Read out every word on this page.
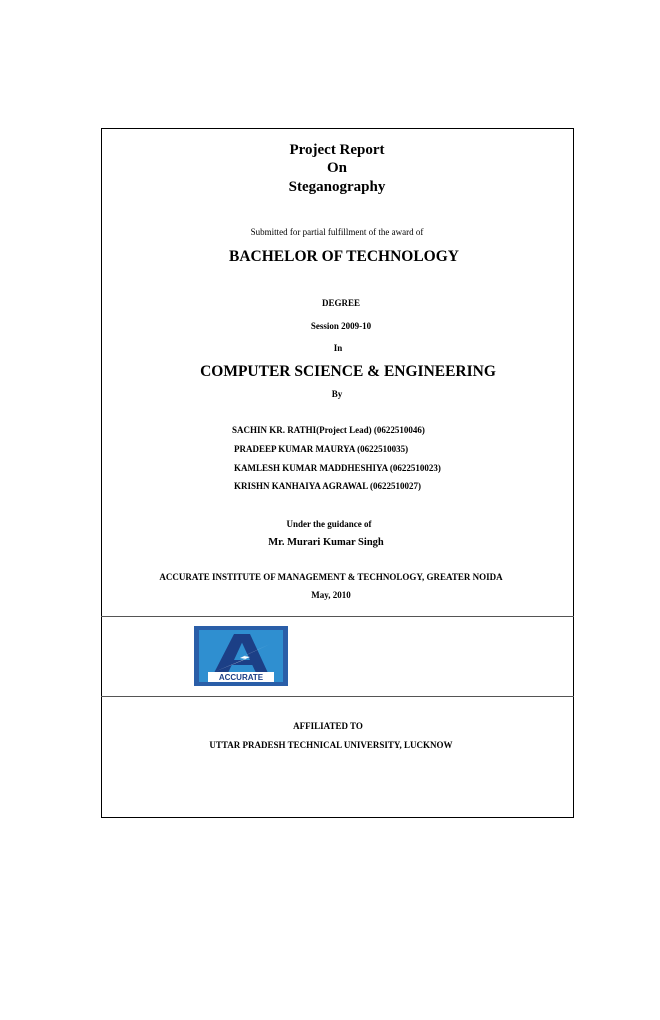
Project Report
On
Steganography
Submitted for partial fulfillment of the award of
BACHELOR OF TECHNOLOGY
DEGREE
Session 2009-10
In
COMPUTER SCIENCE & ENGINEERING
By
SACHIN KR. RATHI(Project Lead) (0622510046)
PRADEEP KUMAR MAURYA (0622510035)
KAMLESH KUMAR MADDHESHIYA (0622510023)
KRISHN KANHAIYA AGRAWAL (0622510027)
Under the guidance of
Mr. Murari Kumar Singh
ACCURATE INSTITUTE OF MANAGEMENT & TECHNOLOGY, GREATER NOIDA
May, 2010
ACCURATE
AFFILIATED TO
UTTAR PRADESH TECHNICAL UNIVERSITY, LUCKNOW
